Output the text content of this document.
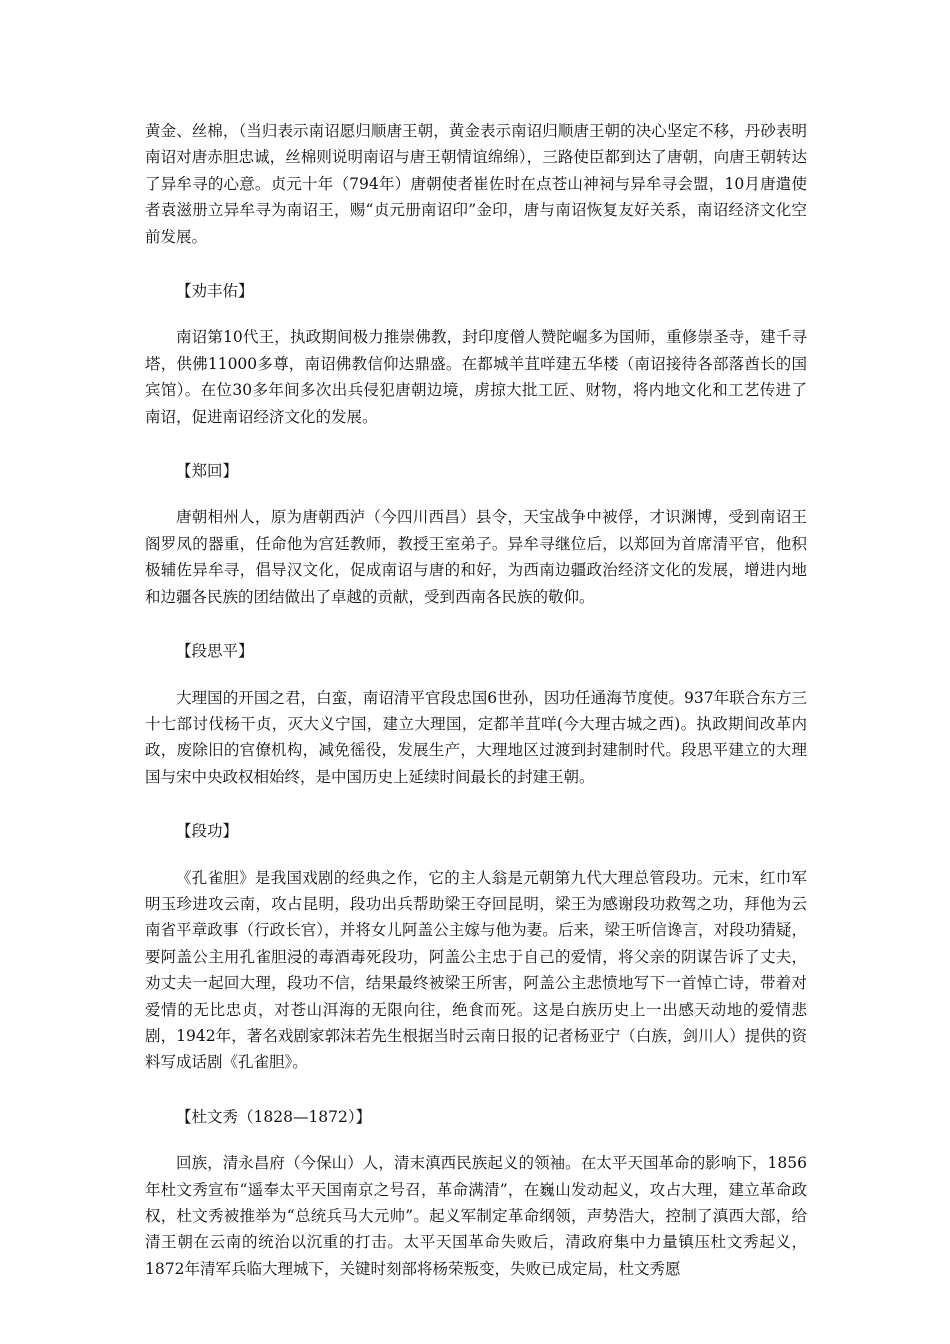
黄金、丝棉，（当归表示南诏愿归顺唐王朝，黄金表示南诏归顺唐王朝的决心坚定不移，丹砂表明南诏对唐赤胆忠诚，丝棉则说明南诏与唐王朝情谊绵绵），三路使臣都到达了唐朝，向唐王朝转达了异牟寻的心意。贞元十年（794年）唐朝使者崔佐时在点苍山神祠与异牟寻会盟，10月唐遣使者袁滋册立异牟寻为南诏王，赐“贞元册南诏印”金印，唐与南诏恢复友好关系，南诏经济文化空前发展。

【劝丰佑】

南诏第10代王，执政期间极力推崇佛教，封印度僧人赞陀崛多为国师，重修崇圣寺，建千寻塔，供佛11000多尊，南诏佛教信仰达鼎盛。在都城羊苴咩建五华楼（南诏接待各部落酋长的国宾馆）。在位30多年间多次出兵侵犯唐朝边境，虏掠大批工匠、财物，将内地文化和工艺传进了南诏，促进南诏经济文化的发展。

【郑回】

唐朝相州人，原为唐朝西泸（今四川西昌）县令，天宝战争中被俘，才识渊博，受到南诏王阁罗凤的器重，任命他为宫廷教师，教授王室弟子。异牟寻继位后，以郑回为首席清平官，他积极辅佐异牟寻，倡导汉文化，促成南诏与唐的和好，为西南边疆政治经济文化的发展，增进内地和边疆各民族的团结做出了卓越的贡献，受到西南各民族的敬仰。

【段思平】

大理国的开国之君，白蛮，南诏清平官段忠国6世孙，因功任通海节度使。937年联合东方三十七部讨伐杨干贞，灭大义宁国，建立大理国，定都羊苴咩(今大理古城之西)。执政期间改革内政，废除旧的官僚机构，减免徭役，发展生产，大理地区过渡到封建制时代。段思平建立的大理国与宋中央政权相始终，是中国历史上延续时间最长的封建王朝。

【段功】

《孔雀胆》是我国戏剧的经典之作，它的主人翁是元朝第九代大理总管段功。元末，红巾军明玉珍进攻云南，攻占昆明，段功出兵帮助梁王夺回昆明，梁王为感谢段功救驾之功，拜他为云南省平章政事（行政长官），并将女儿阿盖公主嫁与他为妻。后来，梁王听信谗言，对段功猜疑，要阿盖公主用孔雀胆浸的毒酒毒死段功，阿盖公主忠于自己的爱情，将父亲的阴谋告诉了丈夫，劝丈夫一起回大理，段功不信，结果最终被梁王所害，阿盖公主悲愤地写下一首悼亡诗，带着对爱情的无比忠贞，对苍山洱海的无限向往，绝食而死。这是白族历史上一出感天动地的爱情悲剧，1942年，著名戏剧家郭沫若先生根据当时云南日报的记者杨亚宁（白族，剑川人）提供的资料写成话剧《孔雀胆》。

【杜文秀（1828—1872）】

回族，清永昌府（今保山）人，清末滇西民族起义的领袖。在太平天国革命的影响下，1856年杜文秀宣布“遥奉太平天国南京之号召，革命满清”，在巍山发动起义，攻占大理，建立革命政权，杜文秀被推举为“总统兵马大元帅”。起义军制定革命纲领，声势浩大，控制了滇西大部，给清王朝在云南的统治以沉重的打击。太平天国革命失败后，清政府集中力量镇压杜文秀起义，1872年清军兵临大理城下，关键时刻部将杨荣叛变，失败已成定局，杜文秀愿
